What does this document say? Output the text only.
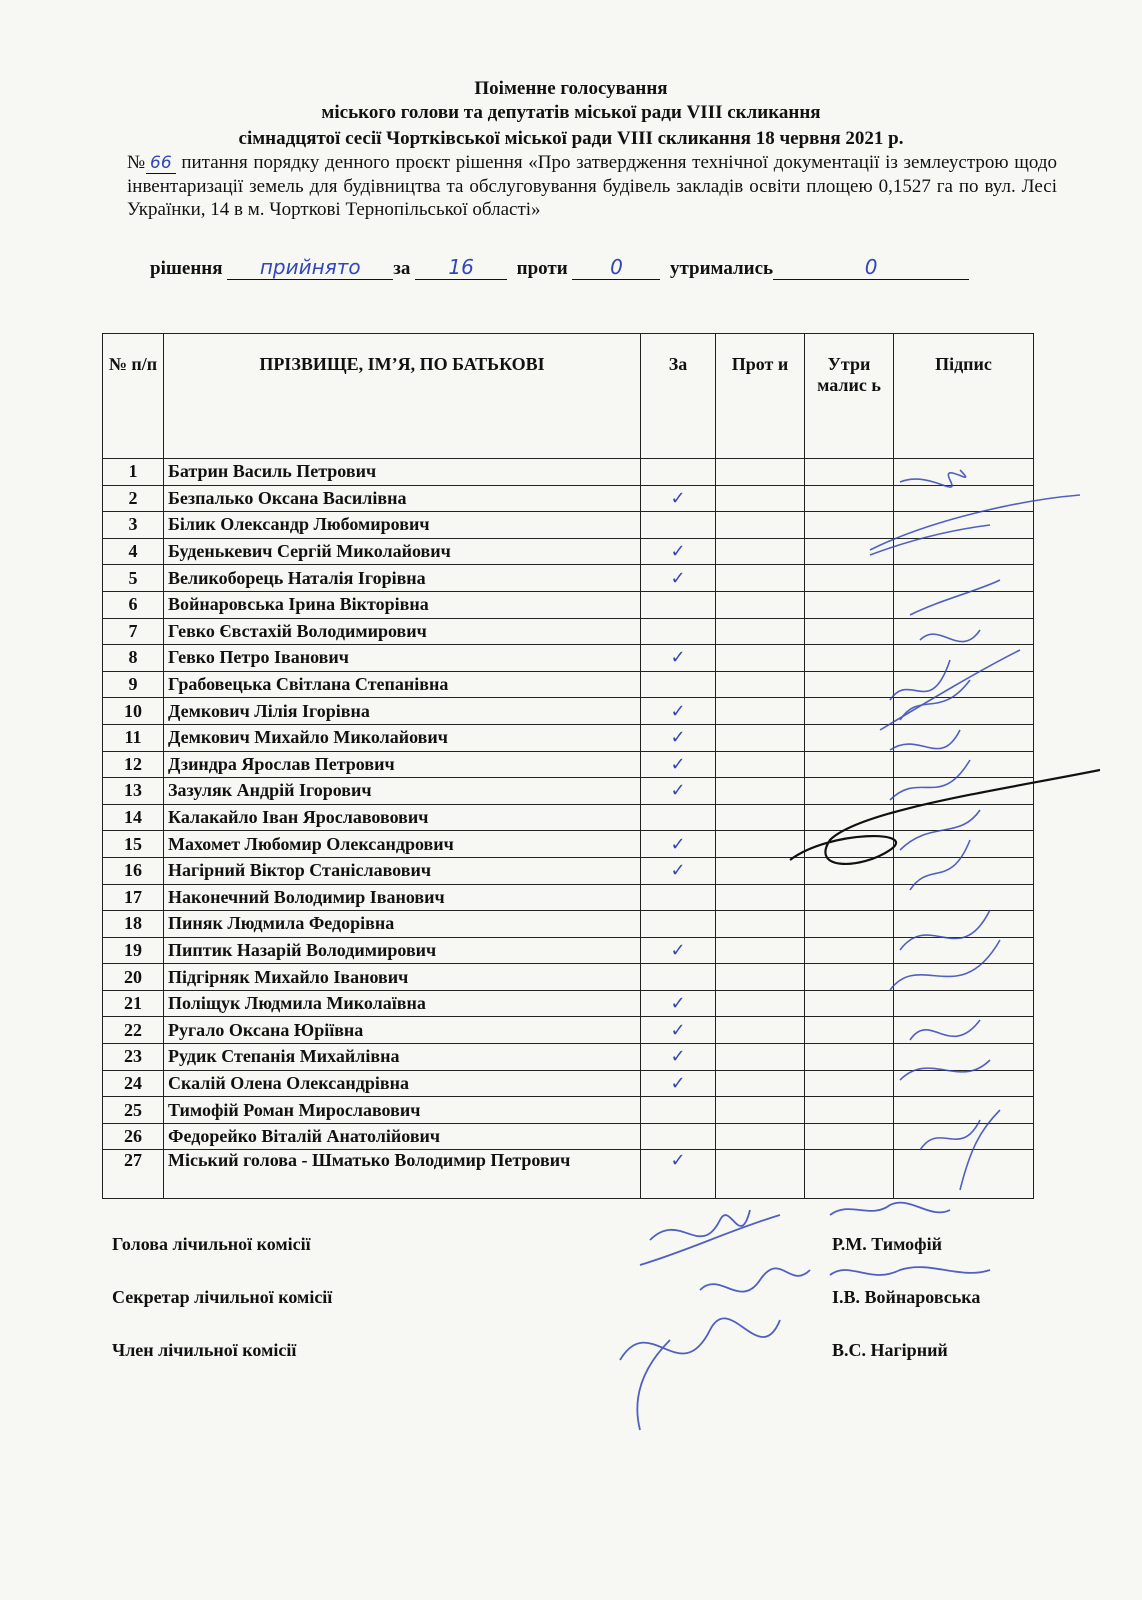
Поіменне голосування
міського голови та депутатів міської ради VIII скликання
сімнадцятої сесії Чортківської міської ради VIII скликання 18 червня 2021 р.
№ 66 питання порядку денного проєкт рішення «Про затвердження технічної документації із землеустрою щодо інвентаризації земель для будівництва та обслуговування будівель закладів освіти площею 0,1527 га по вул. Лесі Українки, 14 в м. Чорткові Тернопільської області»
рішення прийнято за 16 проти 0 утримались	0
№ п/п	ПРІЗВИЩЕ, ІМ’Я, ПО БАТЬКОВІ	За	Прот и	Утри малис ь	Підпис
1	Батрин Василь Петрович				
2	Безпалько Оксана Василівна	✓			
3	Білик Олександр Любомирович				
4	Буденькевич Сергій Миколайович	✓			
5	Великоборець Наталія Ігорівна	✓			
6	Войнаровська Ірина Вікторівна				
7	Гевко Євстахій Володимирович				
8	Гевко Петро Іванович	✓			
9	Грабовецька Світлана Степанівна				
10	Демкович Лілія Ігорівна	✓			
11	Демкович Михайло Миколайович	✓			
12	Дзиндра Ярослав Петрович	✓			
13	Зазуляк Андрій Ігорович	✓			
14	Калакайло Іван Ярославовович				
15	Махомет Любомир Олександрович	✓			
16	Нагірний Віктор Станіславович	✓			
17	Наконечний Володимир Іванович				
18	Пиняк Людмила Федорівна				
19	Пиптик Назарій Володимирович	✓			
20	Підгірняк Михайло Іванович				
21	Поліщук Людмила Миколаївна	✓			
22	Ругало Оксана Юріївна	✓			
23	Рудик Степанія Михайлівна	✓			
24	Скалій Олена Олександрівна	✓			
25	Тимофій Роман Мирославович				
26	Федорейко Віталій Анатолійович				
27	Міський голова - Шматько Володимир Петрович	✓			
Голова лічильної комісії	Р.М. Тимофій
Секретар лічильної комісії	І.В. Войнаровська
Член лічильної комісії	В.С. Нагірний
